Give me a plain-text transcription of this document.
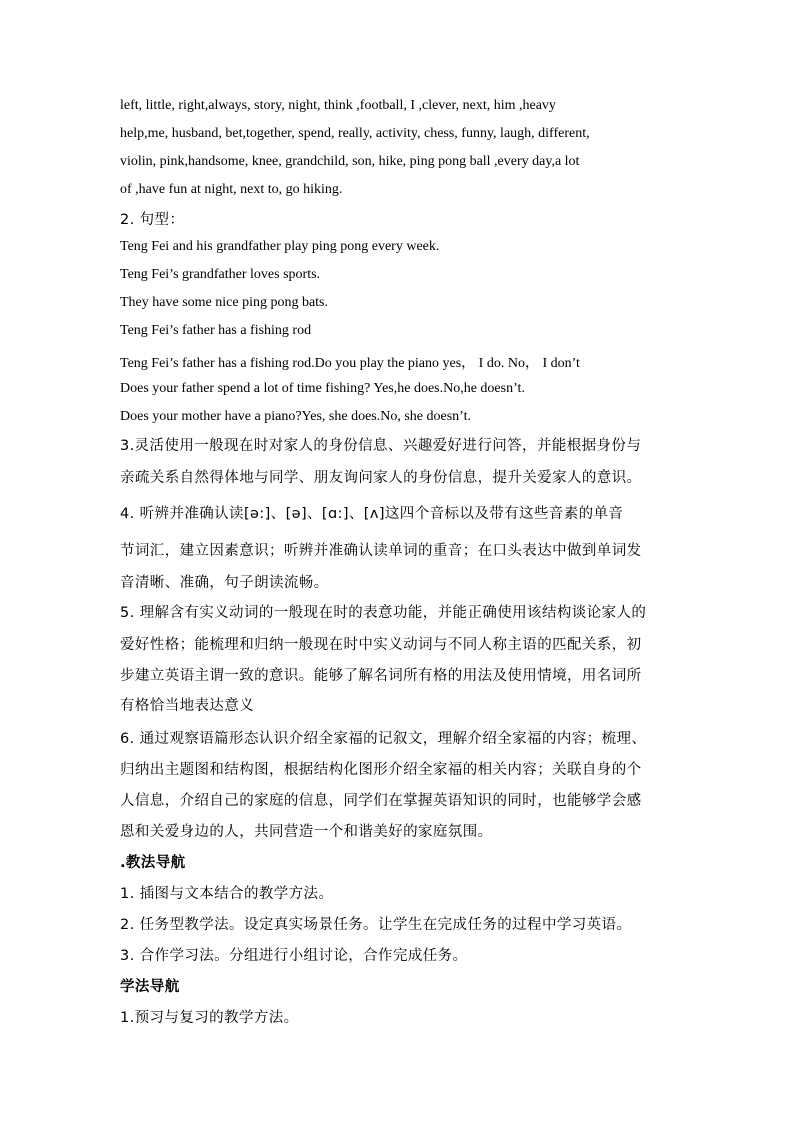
left, little, right,always, story, night, think ,football, I ,clever, next, him ,heavy
help,me, husband, bet,together, spend, really, activity, chess, funny, laugh, different,
violin, pink,handsome, knee, grandchild, son, hike, ping pong ball ,every day,a lot
of ,have fun at night, next to, go hiking.
2. 句型：
Teng Fei and his grandfather play ping pong every week.
Teng Fei’s grandfather loves sports.
They have some nice ping pong bats.
Teng Fei’s father has a fishing rod
Teng Fei’s father has a fishing rod.Do you play the piano yes， I do. No， I don’t
Does your father spend a lot of time fishing? Yes,he does.No,he doesn’t.
Does your mother have a piano?Yes, she does.No, she doesn’t.
3.灵活使用一般现在时对家人的身份信息、兴趣爱好进行问答，并能根据身份与
亲疏关系自然得体地与同学、朋友询问家人的身份信息，提升关爱家人的意识。
4. 听辨并准确认读[ə:]、[ə]、[ɑ:]、[ʌ]这四个音标以及带有这些音素的单音
节词汇，建立因素意识；听辨并准确认读单词的重音；在口头表达中做到单词发
音清晰、准确，句子朗读流畅。
5. 理解含有实义动词的一般现在时的表意功能，并能正确使用该结构谈论家人的
爱好性格；能梳理和归纳一般现在时中实义动词与不同人称主语的匹配关系，初
步建立英语主谓一致的意识。能够了解名词所有格的用法及使用情境，用名词所
有格恰当地表达意义
6. 通过观察语篇形态认识介绍全家福的记叙文，理解介绍全家福的内容；梳理、
归纳出主题图和结构图，根据结构化图形介绍全家福的相关内容；关联自身的个
人信息，介绍自己的家庭的信息，同学们在掌握英语知识的同时，也能够学会感
恩和关爱身边的人，共同营造一个和谐美好的家庭氛围。
.教法导航
1. 插图与文本结合的教学方法。
2. 任务型教学法。设定真实场景任务。让学生在完成任务的过程中学习英语。
3. 合作学习法。分组进行小组讨论，合作完成任务。
学法导航
1.预习与复习的教学方法。
